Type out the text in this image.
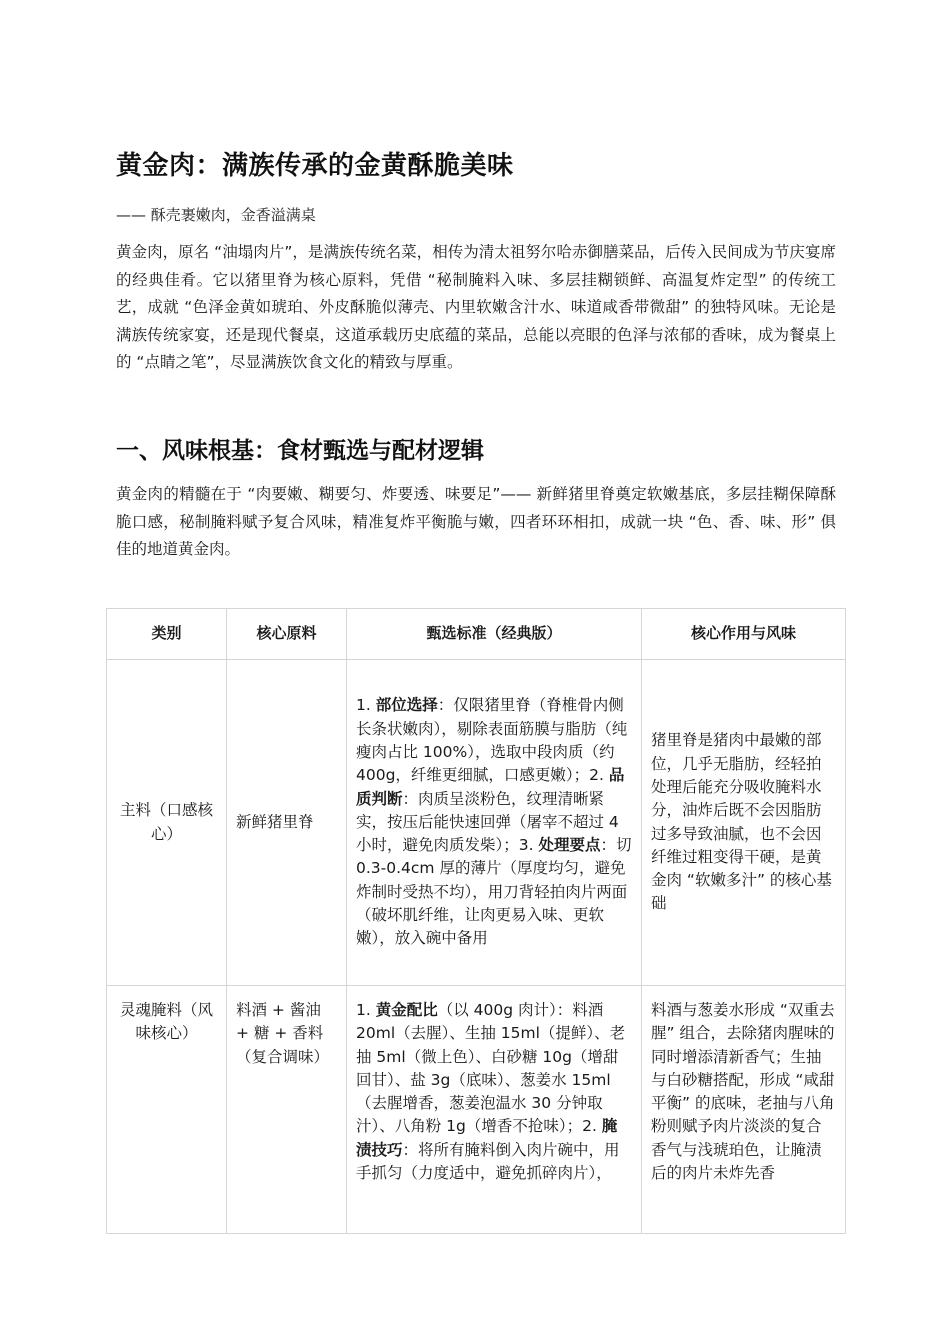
黄金肉：满族传承的金黄酥脆美味

—— 酥壳裹嫩肉，金香溢满桌

黄金肉，原名 “油塌肉片”，是满族传统名菜，相传为清太祖努尔哈赤御膳菜品，后传入民间成为节庆宴席的经典佳肴。它以猪里脊为核心原料，凭借 “秘制腌料入味、多层挂糊锁鲜、高温复炸定型” 的传统工艺，成就 “色泽金黄如琥珀、外皮酥脆似薄壳、内里软嫩含汁水、味道咸香带微甜” 的独特风味。无论是满族传统家宴，还是现代餐桌，这道承载历史底蕴的菜品，总能以亮眼的色泽与浓郁的香味，成为餐桌上的 “点睛之笔”，尽显满族饮食文化的精致与厚重。

一、风味根基：食材甄选与配材逻辑

黄金肉的精髓在于 “肉要嫩、糊要匀、炸要透、味要足”—— 新鲜猪里脊奠定软嫩基底，多层挂糊保障酥脆口感，秘制腌料赋予复合风味，精准复炸平衡脆与嫩，四者环环相扣，成就一块 “色、香、味、形” 俱佳的地道黄金肉。

类别	核心原料	甄选标准（经典版）	核心作用与风味
主料（口感核心）	新鲜猪里脊	1. 部位选择：仅限猪里脊（脊椎骨内侧长条状嫩肉），剔除表面筋膜与脂肪（纯瘦肉占比 100%），选取中段肉质（约 400g，纤维更细腻，口感更嫩）；2. 品质判断：肉质呈淡粉色，纹理清晰紧实，按压后能快速回弹（屠宰不超过 4 小时，避免肉质发柴）；3. 处理要点：切 0.3-0.4cm 厚的薄片（厚度均匀，避免炸制时受热不均），用刀背轻拍肉片两面（破坏肌纤维，让肉更易入味、更软嫩），放入碗中备用	猪里脊是猪肉中最嫩的部位，几乎无脂肪，经轻拍处理后能充分吸收腌料水分，油炸后既不会因脂肪过多导致油腻，也不会因纤维过粗变得干硬，是黄金肉 “软嫩多汁” 的核心基础
灵魂腌料（风味核心）	料酒 + 酱油 + 糖 + 香料（复合调味）	1. 黄金配比（以 400g 肉计）：料酒 20ml（去腥）、生抽 15ml（提鲜）、老抽 5ml（微上色）、白砂糖 10g（增甜回甘）、盐 3g（底味）、葱姜水 15ml（去腥增香，葱姜泡温水 30 分钟取汁）、八角粉 1g（增香不抢味）；2. 腌渍技巧：将所有腌料倒入肉片碗中，用手抓匀（力度适中，避免抓碎肉片），	料酒与葱姜水形成 “双重去腥” 组合，去除猪肉腥味的同时增添清新香气；生抽与白砂糖搭配，形成 “咸甜平衡” 的底味，老抽与八角粉则赋予肉片淡淡的复合香气与浅琥珀色，让腌渍后的肉片未炸先香
